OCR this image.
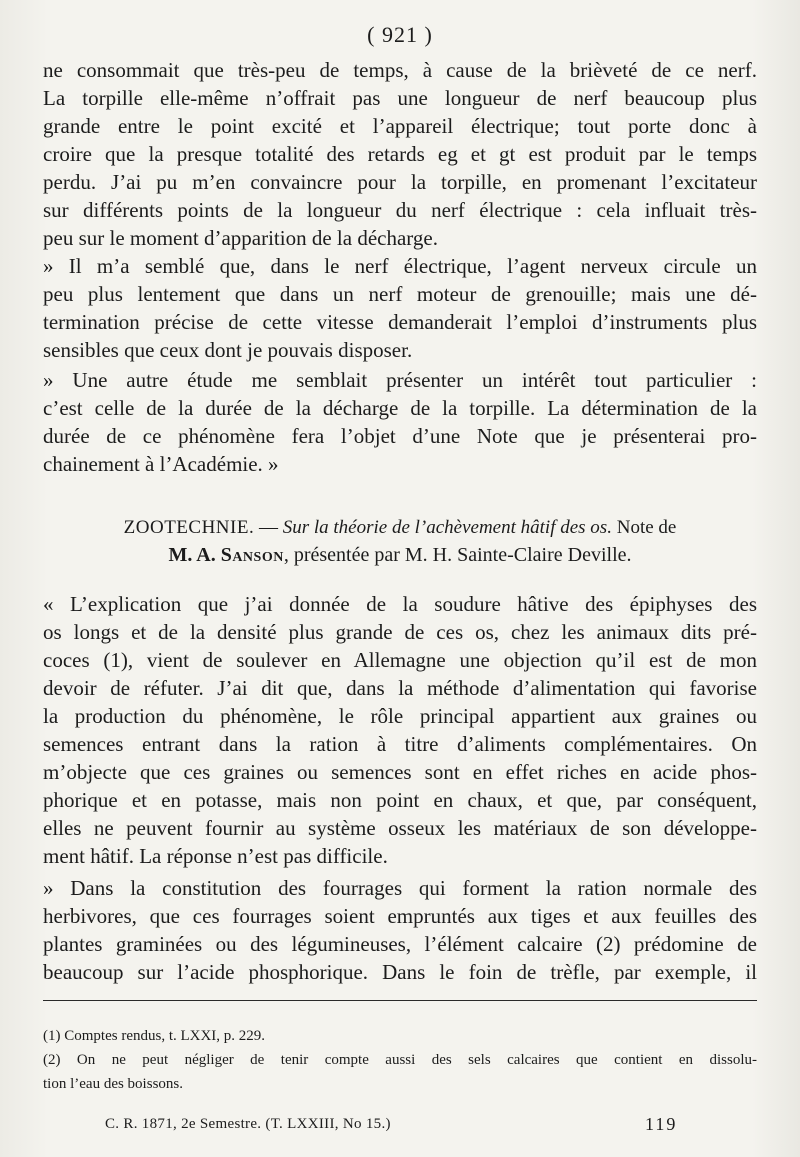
( 921 )
ne consommait que très-peu de temps, à cause de la brièveté de ce nerf.
La torpille elle-même n’offrait pas une longueur de nerf beaucoup plus
grande entre le point excité et l’appareil électrique; tout porte donc à
croire que la presque totalité des retards eg et gt est produit par le temps
perdu. J’ai pu m’en convaincre pour la torpille, en promenant l’excitateur
sur différents points de la longueur du nerf électrique : cela influait très-
peu sur le moment d’apparition de la décharge.
» Il m’a semblé que, dans le nerf électrique, l’agent nerveux circule un
peu plus lentement que dans un nerf moteur de grenouille; mais une dé-
termination précise de cette vitesse demanderait l’emploi d’instruments plus
sensibles que ceux dont je pouvais disposer.
» Une autre étude me semblait présenter un intérêt tout particulier :
c’est celle de la durée de la décharge de la torpille. La détermination de la
durée de ce phénomène fera l’objet d’une Note que je présenterai pro-
chainement à l’Académie. »
ZOOTECHNIE. — Sur la théorie de l’achèvement hâtif des os. Note de
M. A. Sanson, présentée par M. H. Sainte-Claire Deville.
« L’explication que j’ai donnée de la soudure hâtive des épiphyses des
os longs et de la densité plus grande de ces os, chez les animaux dits pré-
coces (1), vient de soulever en Allemagne une objection qu’il est de mon
devoir de réfuter. J’ai dit que, dans la méthode d’alimentation qui favorise
la production du phénomène, le rôle principal appartient aux graines ou
semences entrant dans la ration à titre d’aliments complémentaires. On
m’objecte que ces graines ou semences sont en effet riches en acide phos-
phorique et en potasse, mais non point en chaux, et que, par conséquent,
elles ne peuvent fournir au système osseux les matériaux de son développe-
ment hâtif. La réponse n’est pas difficile.
» Dans la constitution des fourrages qui forment la ration normale des
herbivores, que ces fourrages soient empruntés aux tiges et aux feuilles des
plantes graminées ou des légumineuses, l’élément calcaire (2) prédomine de
beaucoup sur l’acide phosphorique. Dans le foin de trèfle, par exemple, il
(1) Comptes rendus, t. LXXI, p. 229.
(2) On ne peut négliger de tenir compte aussi des sels calcaires que contient en dissolu-
tion l’eau des boissons.
C. R. 1871, 2e Semestre. (T. LXXIII, No 15.)	119
